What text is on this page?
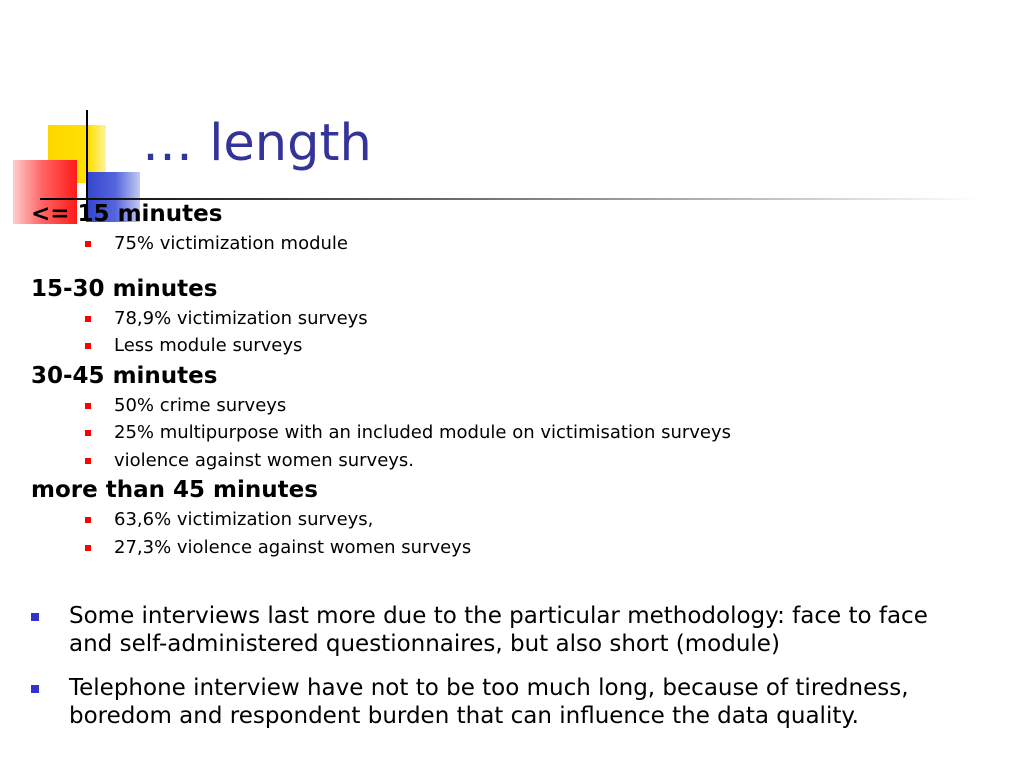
… length

<= 15 minutes

75% victimization module

15-30 minutes

78,9% victimization surveys
Less module surveys

30-45 minutes

50% crime surveys
25% multipurpose with an included module on victimisation surveys
violence against women surveys.

more than 45 minutes

63,6% victimization surveys,
27,3% violence against women surveys
Some interviews last more due to the particular methodology: face to face and self-administered questionnaires, but also short (module)
Telephone interview have not to be too much long, because of tiredness, boredom and respondent burden that can influence the data quality.
